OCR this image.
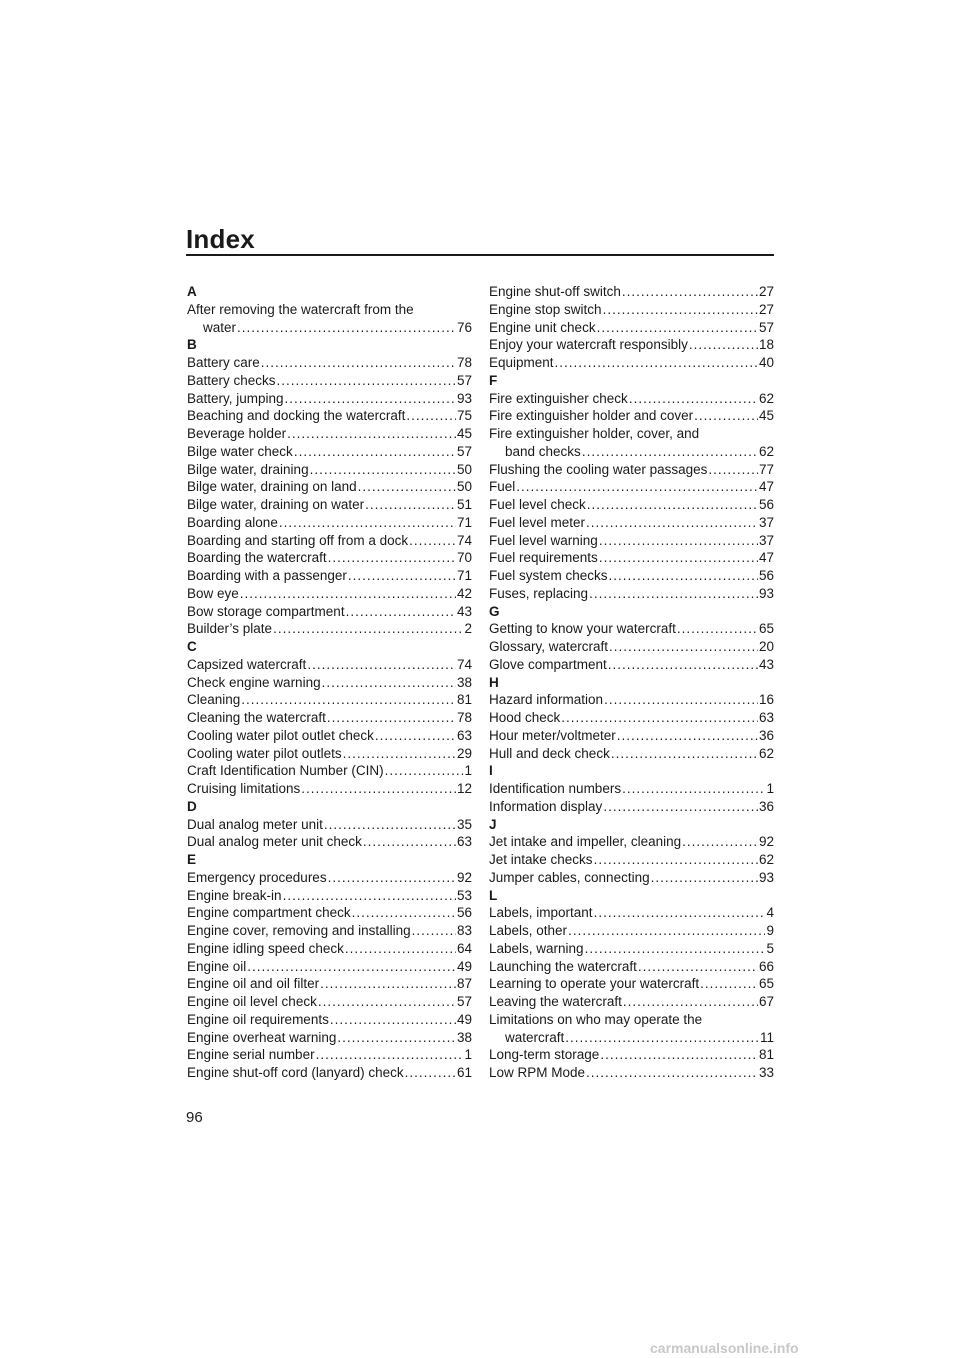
Index
A
After removing the watercraft from the
water .....	76
B
Battery care .....	78
Battery checks .....	57
Battery, jumping .....	93
Beaching and docking the watercraft .....	75
Beverage holder .....	45
Bilge water check .....	57
Bilge water, draining .....	50
Bilge water, draining on land .....	50
Bilge water, draining on water .....	51
Boarding alone .....	71
Boarding and starting off from a dock .....	74
Boarding the watercraft .....	70
Boarding with a passenger .....	71
Bow eye .....	42
Bow storage compartment .....	43
Builder’s plate .....	2
C
Capsized watercraft .....	74
Check engine warning .....	38
Cleaning .....	81
Cleaning the watercraft .....	78
Cooling water pilot outlet check .....	63
Cooling water pilot outlets .....	29
Craft Identification Number (CIN) .....	1
Cruising limitations .....	12
D
Dual analog meter unit .....	35
Dual analog meter unit check .....	63
E
Emergency procedures .....	92
Engine break-in .....	53
Engine compartment check .....	56
Engine cover, removing and installing .....	83
Engine idling speed check .....	64
Engine oil .....	49
Engine oil and oil filter .....	87
Engine oil level check .....	57
Engine oil requirements .....	49
Engine overheat warning .....	38
Engine serial number .....	1
Engine shut-off cord (lanyard) check .....	61
Engine shut-off switch .....	27
Engine stop switch .....	27
Engine unit check .....	57
Enjoy your watercraft responsibly .....	18
Equipment .....	40
F
Fire extinguisher check .....	62
Fire extinguisher holder and cover .....	45
Fire extinguisher holder, cover, and
band checks .....	62
Flushing the cooling water passages .....	77
Fuel .....	47
Fuel level check .....	56
Fuel level meter .....	37
Fuel level warning .....	37
Fuel requirements .....	47
Fuel system checks .....	56
Fuses, replacing .....	93
G
Getting to know your watercraft .....	65
Glossary, watercraft .....	20
Glove compartment .....	43
H
Hazard information .....	16
Hood check .....	63
Hour meter/voltmeter .....	36
Hull and deck check .....	62
I
Identification numbers .....	1
Information display .....	36
J
Jet intake and impeller, cleaning .....	92
Jet intake checks .....	62
Jumper cables, connecting .....	93
L
Labels, important .....	4
Labels, other .....	9
Labels, warning .....	5
Launching the watercraft .....	66
Learning to operate your watercraft .....	65
Leaving the watercraft .....	67
Limitations on who may operate the
watercraft .....	11
Long-term storage .....	81
Low RPM Mode .....	33
96
carmanualsonline.info
